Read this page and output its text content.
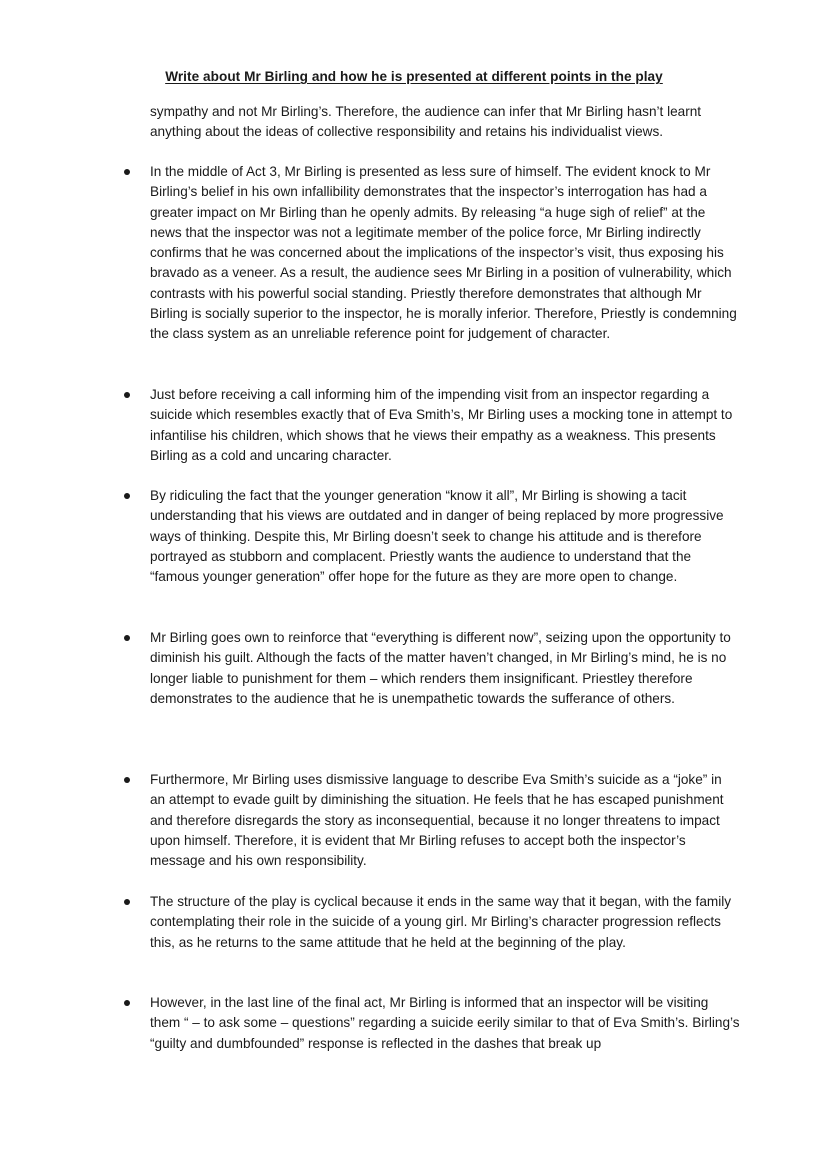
Write about Mr Birling and how he is presented at different points in the play

sympathy and not Mr Birling’s. Therefore, the audience can infer that Mr Birling hasn’t learnt anything about the ideas of collective responsibility and retains his individualist views.

In the middle of Act 3, Mr Birling is presented as less sure of himself. The evident knock to Mr Birling’s belief in his own infallibility demonstrates that the inspector’s interrogation has had a greater impact on Mr Birling than he openly admits. By releasing “a huge sigh of relief” at the news that the inspector was not a legitimate member of the police force, Mr Birling indirectly confirms that he was concerned about the implications of the inspector’s visit, thus exposing his bravado as a veneer. As a result, the audience sees Mr Birling in a position of vulnerability, which contrasts with his powerful social standing. Priestly therefore demonstrates that although Mr Birling is socially superior to the inspector, he is morally inferior. Therefore, Priestly is condemning the class system as an unreliable reference point for judgement of character.
Just before receiving a call informing him of the impending visit from an inspector regarding a suicide which resembles exactly that of Eva Smith’s, Mr Birling uses a mocking tone in attempt to infantilise his children, which shows that he views their empathy as a weakness. This presents Birling as a cold and uncaring character.
By ridiculing the fact that the younger generation “know it all”, Mr Birling is showing a tacit understanding that his views are outdated and in danger of being replaced by more progressive ways of thinking. Despite this, Mr Birling doesn’t seek to change his attitude and is therefore portrayed as stubborn and complacent. Priestly wants the audience to understand that the “famous younger generation” offer hope for the future as they are more open to change.
Mr Birling goes own to reinforce that “everything is different now”, seizing upon the opportunity to diminish his guilt. Although the facts of the matter haven’t changed, in Mr Birling’s mind, he is no longer liable to punishment for them – which renders them insignificant. Priestley therefore demonstrates to the audience that he is unempathetic towards the sufferance of others.
Furthermore, Mr Birling uses dismissive language to describe Eva Smith’s suicide as a “joke” in an attempt to evade guilt by diminishing the situation. He feels that he has escaped punishment and therefore disregards the story as inconsequential, because it no longer threatens to impact upon himself. Therefore, it is evident that Mr Birling refuses to accept both the inspector’s message and his own responsibility.
The structure of the play is cyclical because it ends in the same way that it began, with the family contemplating their role in the suicide of a young girl. Mr Birling’s character progression reflects this, as he returns to the same attitude that he held at the beginning of the play.
However, in the last line of the final act, Mr Birling is informed that an inspector will be visiting them “ – to ask some – questions” regarding a suicide eerily similar to that of Eva Smith’s. Birling’s “guilty and dumbfounded” response is reflected in the dashes that break up
